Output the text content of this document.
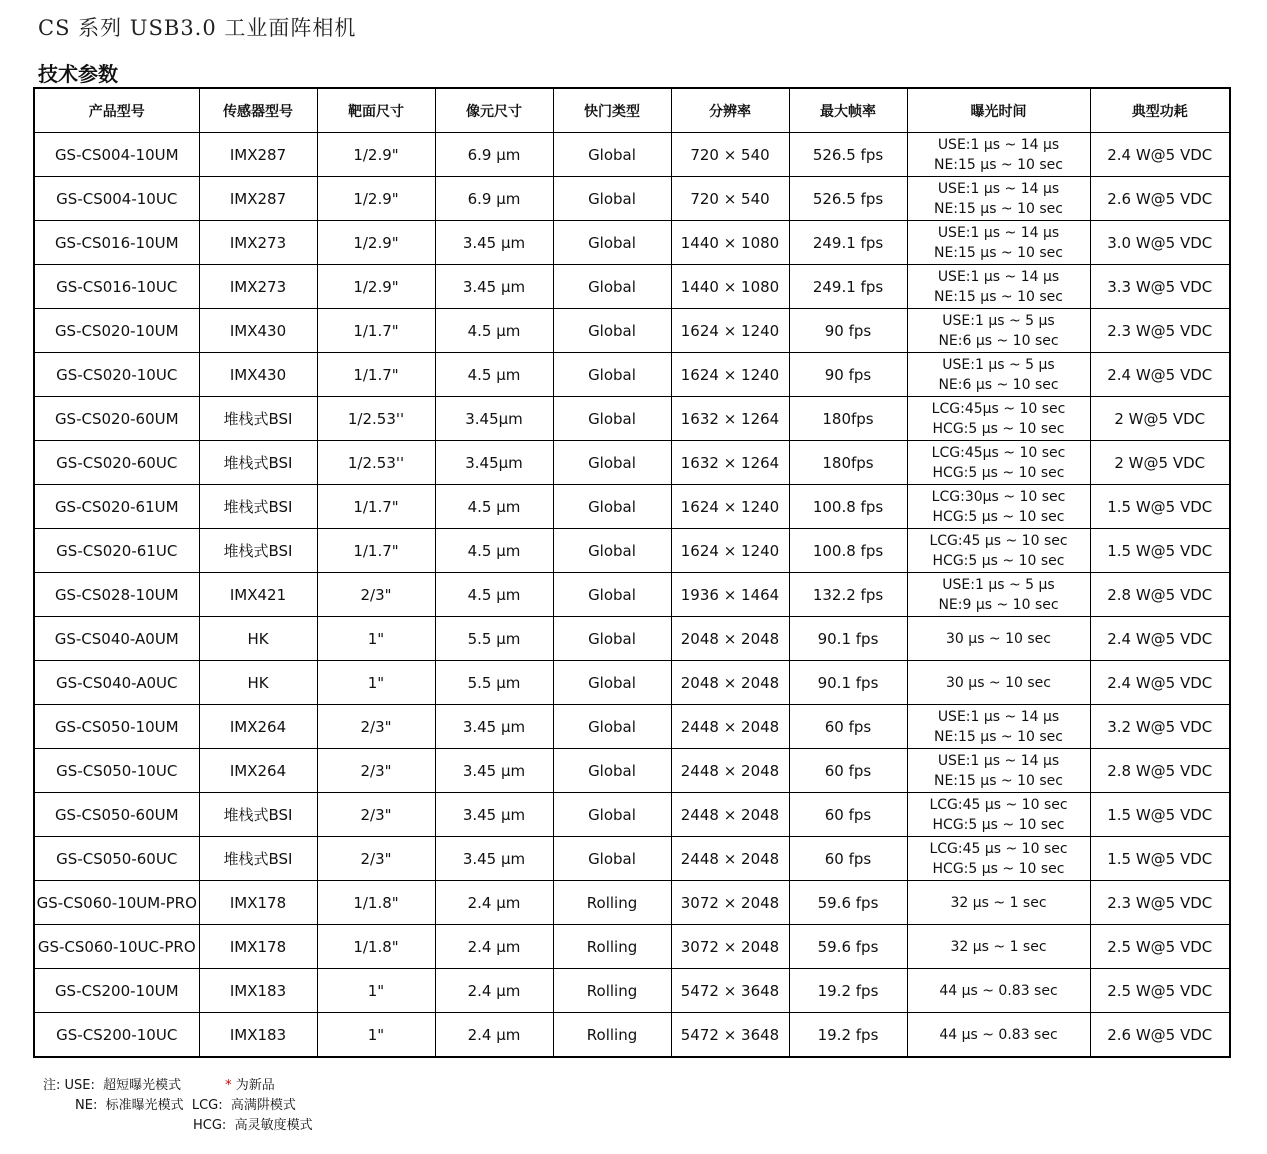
CS 系列 USB3.0 工业面阵相机
技术参数
产品型号	传感器型号	靶面尺寸	像元尺寸	快门类型	分辨率	最大帧率	曝光时间	典型功耗
GS-CS004-10UM	IMX287	1/2.9"	6.9 μm	Global	720 × 540	526.5 fps	USE:1 μs ~ 14 μs
NE:15 μs ~ 10 sec	2.4 W@5 VDC
GS-CS004-10UC	IMX287	1/2.9"	6.9 μm	Global	720 × 540	526.5 fps	USE:1 μs ~ 14 μs
NE:15 μs ~ 10 sec	2.6 W@5 VDC
GS-CS016-10UM	IMX273	1/2.9"	3.45 μm	Global	1440 × 1080	249.1 fps	USE:1 μs ~ 14 μs
NE:15 μs ~ 10 sec	3.0 W@5 VDC
GS-CS016-10UC	IMX273	1/2.9"	3.45 μm	Global	1440 × 1080	249.1 fps	USE:1 μs ~ 14 μs
NE:15 μs ~ 10 sec	3.3 W@5 VDC
GS-CS020-10UM	IMX430	1/1.7"	4.5 μm	Global	1624 × 1240	90 fps	USE:1 μs ~ 5 μs
NE:6 μs ~ 10 sec	2.3 W@5 VDC
GS-CS020-10UC	IMX430	1/1.7"	4.5 μm	Global	1624 × 1240	90 fps	USE:1 μs ~ 5 μs
NE:6 μs ~ 10 sec	2.4 W@5 VDC
GS-CS020-60UM	堆栈式BSI	1/2.53''	3.45μm	Global	1632 × 1264	180fps	LCG:45μs ~ 10 sec
HCG:5 μs ~ 10 sec	2 W@5 VDC
GS-CS020-60UC	堆栈式BSI	1/2.53''	3.45μm	Global	1632 × 1264	180fps	LCG:45μs ~ 10 sec
HCG:5 μs ~ 10 sec	2 W@5 VDC
GS-CS020-61UM	堆栈式BSI	1/1.7"	4.5 μm	Global	1624 × 1240	100.8 fps	LCG:30μs ~ 10 sec
HCG:5 μs ~ 10 sec	1.5 W@5 VDC
GS-CS020-61UC	堆栈式BSI	1/1.7"	4.5 μm	Global	1624 × 1240	100.8 fps	LCG:45 μs ~ 10 sec
HCG:5 μs ~ 10 sec	1.5 W@5 VDC
GS-CS028-10UM	IMX421	2/3"	4.5 μm	Global	1936 × 1464	132.2 fps	USE:1 μs ~ 5 μs
NE:9 μs ~ 10 sec	2.8 W@5 VDC
GS-CS040-A0UM	HK	1"	5.5 μm	Global	2048 × 2048	90.1 fps	30 μs ~ 10 sec	2.4 W@5 VDC
GS-CS040-A0UC	HK	1"	5.5 μm	Global	2048 × 2048	90.1 fps	30 μs ~ 10 sec	2.4 W@5 VDC
GS-CS050-10UM	IMX264	2/3"	3.45 μm	Global	2448 × 2048	60 fps	USE:1 μs ~ 14 μs
NE:15 μs ~ 10 sec	3.2 W@5 VDC
GS-CS050-10UC	IMX264	2/3"	3.45 μm	Global	2448 × 2048	60 fps	USE:1 μs ~ 14 μs
NE:15 μs ~ 10 sec	2.8 W@5 VDC
GS-CS050-60UM	堆栈式BSI	2/3"	3.45 μm	Global	2448 × 2048	60 fps	LCG:45 μs ~ 10 sec
HCG:5 μs ~ 10 sec	1.5 W@5 VDC
GS-CS050-60UC	堆栈式BSI	2/3"	3.45 μm	Global	2448 × 2048	60 fps	LCG:45 μs ~ 10 sec
HCG:5 μs ~ 10 sec	1.5 W@5 VDC
GS-CS060-10UM-PRO	IMX178	1/1.8"	2.4 μm	Rolling	3072 × 2048	59.6 fps	32 μs ~ 1 sec	2.3 W@5 VDC
GS-CS060-10UC-PRO	IMX178	1/1.8"	2.4 μm	Rolling	3072 × 2048	59.6 fps	32 μs ~ 1 sec	2.5 W@5 VDC
GS-CS200-10UM	IMX183	1"	2.4 μm	Rolling	5472 × 3648	19.2 fps	44 μs ~ 0.83 sec	2.5 W@5 VDC
GS-CS200-10UC	IMX183	1"	2.4 μm	Rolling	5472 × 3648	19.2 fps	44 μs ~ 0.83 sec	2.6 W@5 VDC
注: USE:  超短曝光模式	* 为新品
NE:  标准曝光模式  LCG:  高满阱模式
HCG:  高灵敏度模式
